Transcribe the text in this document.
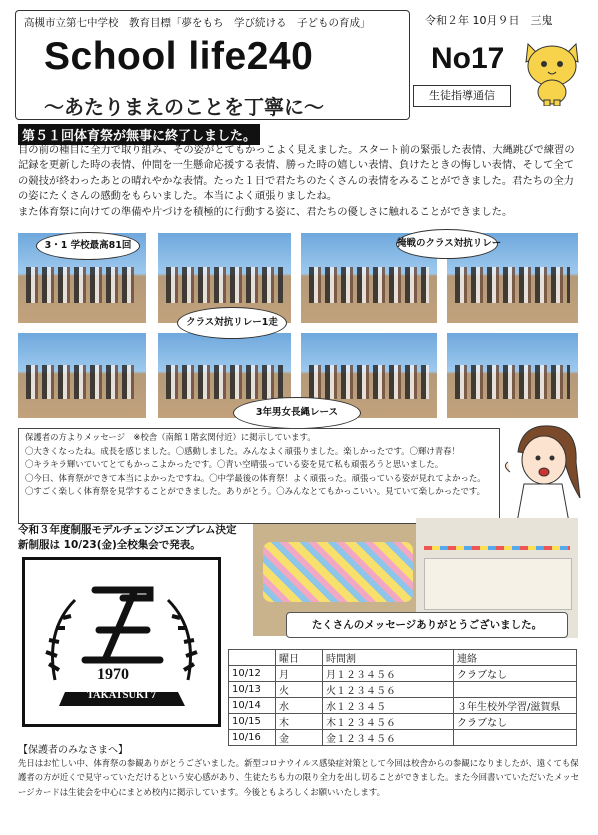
高槻市立第七中学校　教育目標「夢をもち　学び続ける　子どもの育成」
School life240
～あたりまえのことを丁寧に～
令和２年 10月９日　三鬼
No17
生徒指導通信
第５１回体育祭が無事に終了しました。

目の前の種目に全力で取り組み、その姿がとてもかっこよく見えました。スタート前の緊張した表情、大縄跳びで練習の記録を更新した時の表情、仲間を一生懸命応援する表情、勝った時の嬉しい表情、負けたときの悔しい表情、そして全ての競技が終わったあとの晴れやかな表情。たった１日で君たちのたくさんの表情をみることができました。君たちの全力の姿にたくさんの感動をもらいました。本当によく頑張りましたね。

また体育祭に向けての準備や片づけを積極的に行動する姿に、君たちの優しさに触れることができました。

3・1 学校最高81回	掩戦のクラス対抗リレー
クラス対抗リレー1走
3年男女長縄レース
保護者の方よりメッセージ　※校舎（南館１階玄関付近）に掲示しています。
〇大きくなったね。成長を感じました。〇感動しました。みんなよく頑張りました。楽しかったです。〇輝け青春！
〇キラキラ輝いていてとてもかっこよかったです。〇青い空晴張っている姿を見て私も頑張ろうと思いました。
〇今日、体育祭ができて本当によかったですね。〇中学最後の体育祭！よく頑張った。頑張っている姿が見れてよかった。
〇すごく楽しく体育祭を見学することができました。ありがとう。〇みんなとてもかっこいい。見ていて楽しかったです。
令和３年度制服モデルチェンジエンブレム決定
新制服は 10/23(金)全校集会で発表。
1970
TAKATSUKI 7
たくさんのメッセージありがとうございました。
	曜日	時間割	連絡
10/12	月	月１２３４５６	クラブなし
10/13	火	火１２３４５６	
10/14	水	水１２３４５	３年生校外学習/滋賀県
10/15	木	木１２３４５６	クラブなし
10/16	金	金１２３４５６	
【保護者のみなさまへ】
先日はお忙しい中、体育祭の参観ありがとうございました。新型コロナウイルス感染症対策として今回は校舎からの参観になりましたが、遠くても保護者の方が近くで見守っていただけるという安心感があり、生徒たちも力の限り全力を出し切ることができました。また今回書いていただいたメッセージカードは生徒会を中心にまとめ校内に掲示しています。今後ともよろしくお願いいたします。
